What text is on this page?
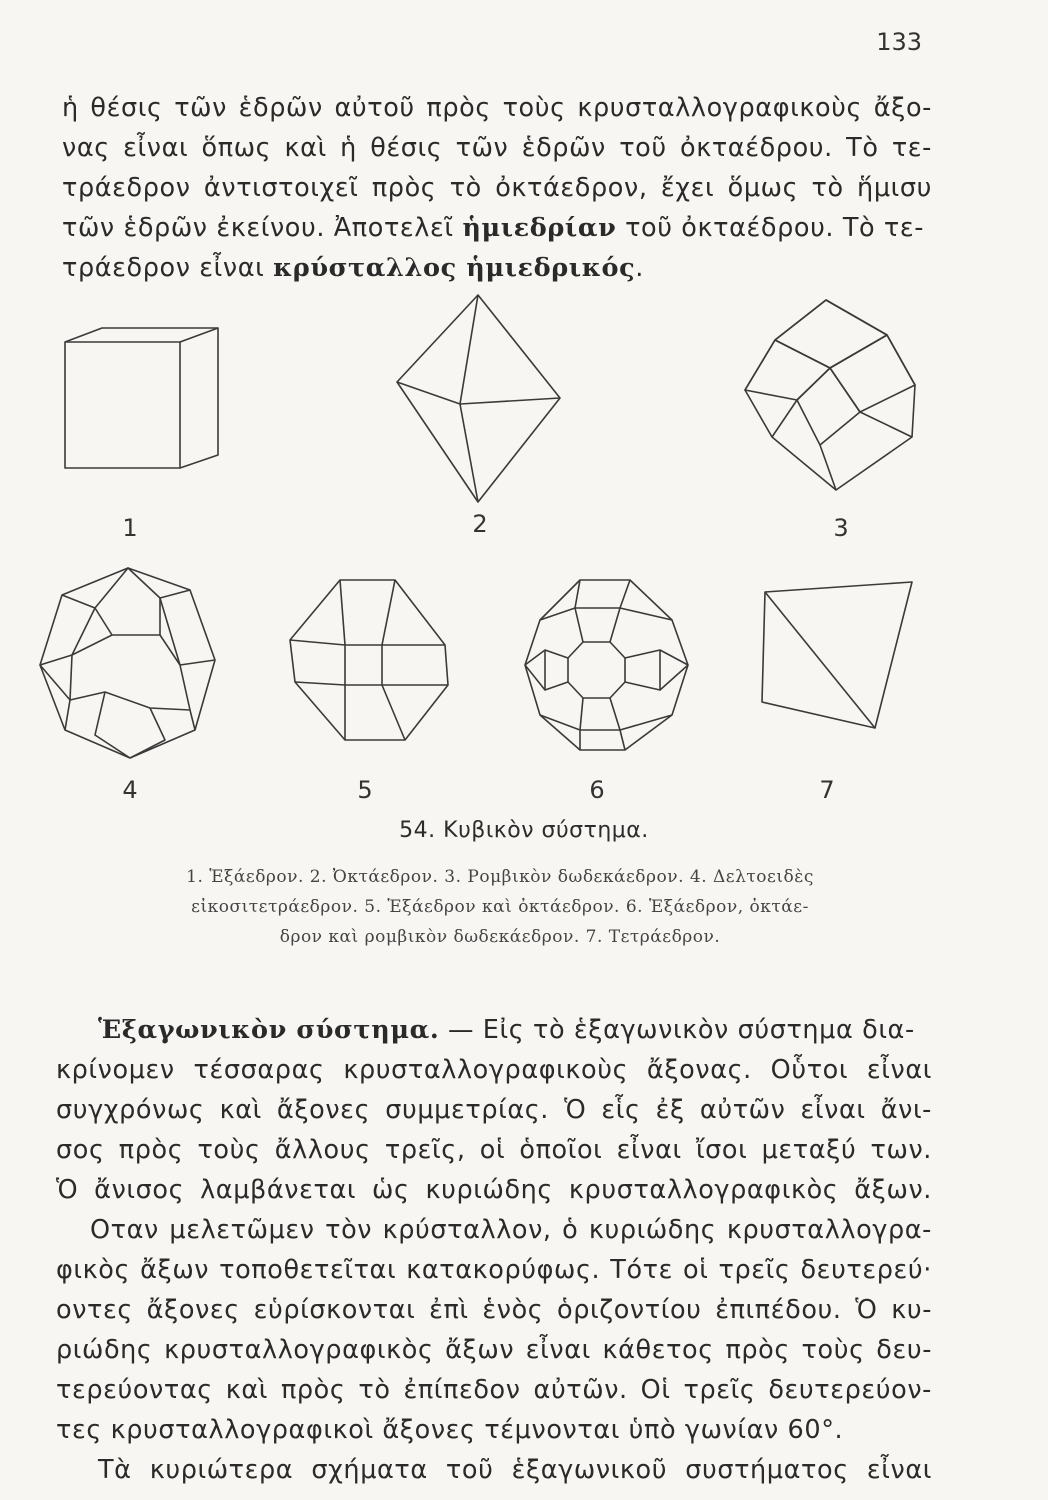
133
ἡ θέσις τῶν ἑδρῶν αὐτοῦ πρὸς τοὺς κρυσταλλογραφικοὺς ἄξο-
νας εἶναι ὅπως καὶ ἡ θέσις τῶν ἑδρῶν τοῦ ὀκταέδρου. Τὸ τε-
τράεδρον ἀντιστοιχεῖ πρὸς τὸ ὀκτάεδρον, ἔχει ὅμως τὸ ἥμισυ
τῶν ἑδρῶν ἐκείνου. Ἀποτελεῖ ἡμιεδρίαν τοῦ ὀκταέδρου. Τὸ τε-
τράεδρον εἶναι κρύσταλλος ἡμιεδρικός.
1	2	3
4	5	6	7
54. Κυβικὸν σύστημα.
1. Ἑξάεδρον. 2. Ὀκτάεδρον. 3. Ρομβικὸν δωδεκάεδρον. 4. Δελτοειδὲς
εἰκοσιτετράεδρον. 5. Ἑξάεδρον καὶ ὀκτάεδρον. 6. Ἑξάεδρον, ὀκτάε-
δρον καὶ ρομβικὸν δωδεκάεδρον. 7. Τετράεδρον.
Ἑξαγωνικὸν σύστημα. — Εἰς τὸ ἑξαγωνικὸν σύστημα δια-
κρίνομεν τέσσαρας κρυσταλλογραφικοὺς ἄξονας. Οὗτοι εἶναι
συγχρόνως καὶ ἄξονες συμμετρίας. Ὁ εἷς ἐξ αὐτῶν εἶναι ἄνι-
σος πρὸς τοὺς ἄλλους τρεῖς, οἱ ὁποῖοι εἶναι ἴσοι μεταξύ των.
Ὁ ἄνισος λαμβάνεται ὡς κυριώδης κρυσταλλογραφικὸς ἄξων.
Οταν μελετῶμεν τὸν κρύσταλλον, ὁ κυριώδης κρυσταλλογρα-
φικὸς ἄξων τοποθετεῖται κατακορύφως. Τότε οἱ τρεῖς δευτερεύ·
οντες ἄξονες εὑρίσκονται ἐπὶ ἑνὸς ὁριζοντίου ἐπιπέδου. Ὁ κυ-
ριώδης κρυσταλλογραφικὸς ἄξων εἶναι κάθετος πρὸς τοὺς δευ-
τερεύοντας καὶ πρὸς τὸ ἐπίπεδον αὐτῶν. Οἱ τρεῖς δευτερεύον-
τες κρυσταλλογραφικοὶ ἄξονες τέμνονται ὑπὸ γωνίαν 60°.
Τὰ κυριώτερα σχήματα τοῦ ἑξαγωνικοῦ συστήματος εἶναι
